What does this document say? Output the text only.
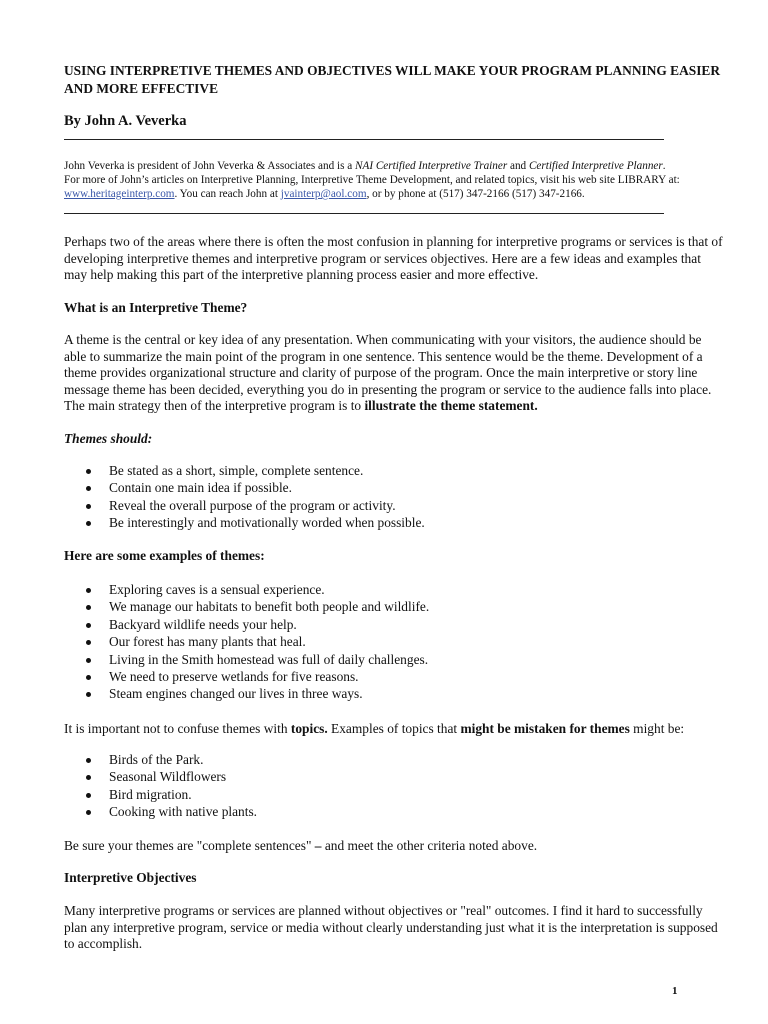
USING INTERPRETIVE THEMES AND OBJECTIVES WILL MAKE YOUR PROGRAM PLANNING EASIER AND MORE EFFECTIVE

By John A. Veverka

John Veverka is president of John Veverka & Associates and is a NAI Certified Interpretive Trainer and Certified Interpretive Planner.
For more of John’s articles on Interpretive Planning, Interpretive Theme Development, and related topics, visit his web site LIBRARY at:
www.heritageinterp.com. You can reach John at jvainterp@aol.com, or by phone at (517) 347-2166 (517) 347-2166.

Perhaps two of the areas where there is often the most confusion in planning for interpretive programs or services is that of developing interpretive themes and interpretive program or services objectives. Here are a few ideas and examples that may help making this part of the interpretive planning process easier and more effective.

What is an Interpretive Theme?

A theme is the central or key idea of any presentation. When communicating with your visitors, the audience should be able to summarize the main point of the program in one sentence. This sentence would be the theme. Development of a theme provides organizational structure and clarity of purpose of the program. Once the main interpretive or story line message theme has been decided, everything you do in presenting the program or service to the audience falls into place. The main strategy then of the interpretive program is to illustrate the theme statement.

Themes should:

Be stated as a short, simple, complete sentence.
Contain one main idea if possible.
Reveal the overall purpose of the program or activity.
Be interestingly and motivationally worded when possible.

Here are some examples of themes:

Exploring caves is a sensual experience.
We manage our habitats to benefit both people and wildlife.
Backyard wildlife needs your help.
Our forest has many plants that heal.
Living in the Smith homestead was full of daily challenges.
We need to preserve wetlands for five reasons.
Steam engines changed our lives in three ways.

It is important not to confuse themes with topics. Examples of topics that might be mistaken for themes might be:

Birds of the Park.
Seasonal Wildflowers
Bird migration.
Cooking with native plants.

Be sure your themes are "complete sentences" – and meet the other criteria noted above.

Interpretive Objectives

Many interpretive programs or services are planned without objectives or "real" outcomes. I find it hard to successfully plan any interpretive program, service or media without clearly understanding just what it is the interpretation is supposed to accomplish.

1
